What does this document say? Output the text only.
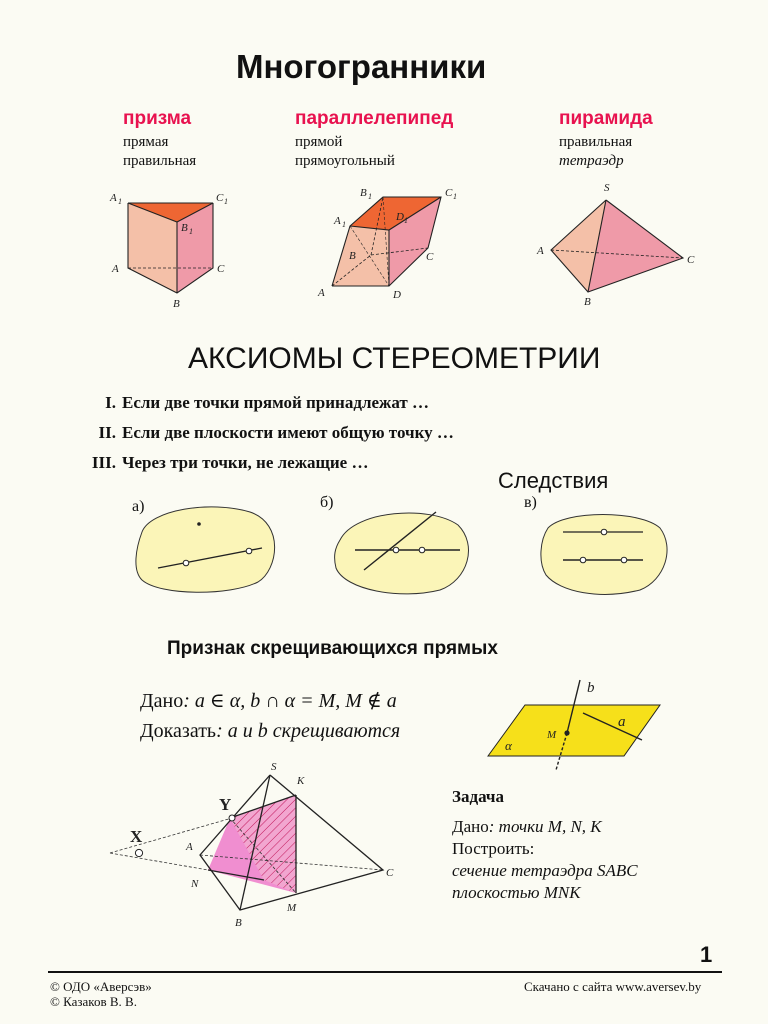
Многогранники
призма
прямая
правильная
параллелепипед
прямой
прямоугольный
пирамида
правильная
тетраэдр
A 1	C 1
B 1
A	C
B
B 1	C 1
A 1
D 1
B	C
A	D
S
A
C
B
АКСИОМЫ СТЕРЕОМЕТРИИ
I. Если две точки прямой принадлежат …
II. Если две плоскости имеют общую точку …
III. Через три точки, не лежащие …
Следствия
а)	б)	в)
Признак скрещивающихся прямых
Дано: a ∈ α, b ∩ α = M, M ∉ a
Доказать: a и b скрещиваются
b
a
M
α
S
K
Y
X
A
N
C
M
B
Задача
Дано: точки M, N, K
Построить:
сечение тетраэдра SABC
плоскостью MNK
1
© ОДО «Аверсэв»
© Казаков В. В.
Скачано с сайта www.aversev.by
